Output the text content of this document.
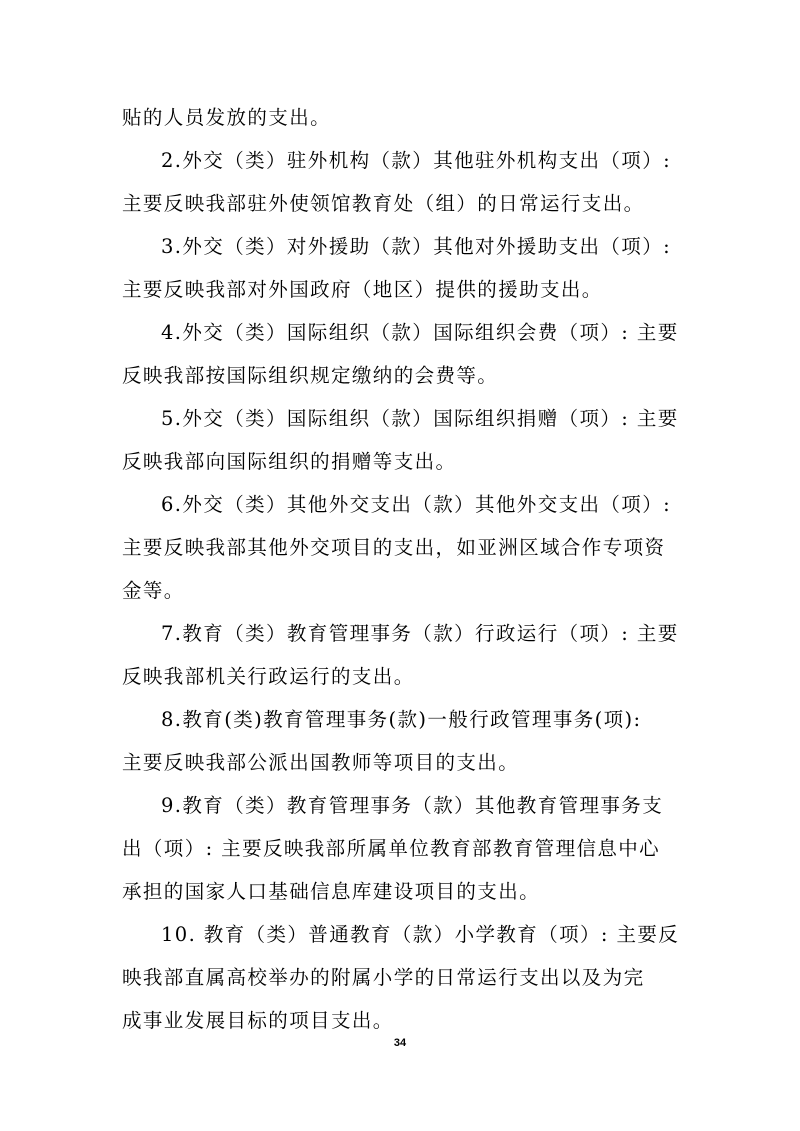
贴的人员发放的支出。

2.外交（类）驻外机构（款）其他驻外机构支出（项）:
主要反映我部驻外使领馆教育处（组）的日常运行支出。

3.外交（类）对外援助（款）其他对外援助支出（项）:
主要反映我部对外国政府（地区）提供的援助支出。

4.外交（类）国际组织（款）国际组织会费（项）: 主要
反映我部按国际组织规定缴纳的会费等。

5.外交（类）国际组织（款）国际组织捐赠（项）: 主要
反映我部向国际组织的捐赠等支出。

6.外交（类）其他外交支出（款）其他外交支出（项）:
主要反映我部其他外交项目的支出，如亚洲区域合作专项资
金等。

7.教育（类）教育管理事务（款）行政运行（项）: 主要
反映我部机关行政运行的支出。

8.教育(类)教育管理事务(款)一般行政管理事务(项):
主要反映我部公派出国教师等项目的支出。

9.教育（类）教育管理事务（款）其他教育管理事务支
出（项）: 主要反映我部所属单位教育部教育管理信息中心
承担的国家人口基础信息库建设项目的支出。

10. 教育（类）普通教育（款）小学教育（项）: 主要反
映我部直属高校举办的附属小学的日常运行支出以及为完
成事业发展目标的项目支出。

34
